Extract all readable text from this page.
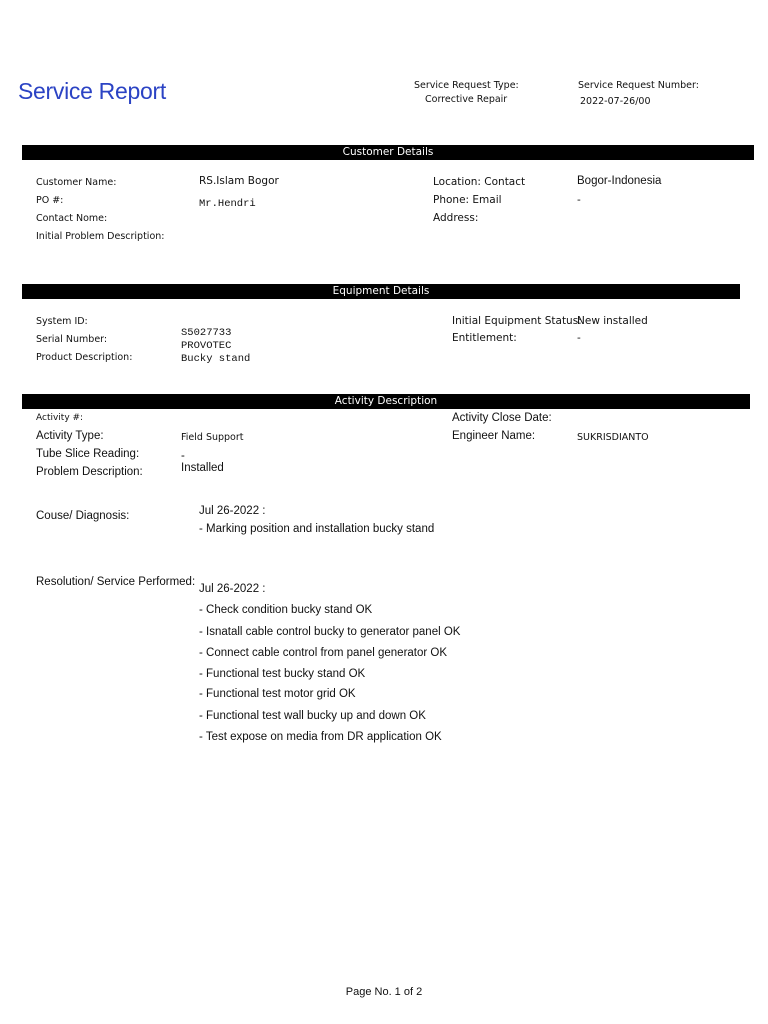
Service Report	Service Request Type:
Corrective Repair
Service Request Number:
2022-07-26/00
Customer Details
Customer Name:	RS.Islam Bogor
PO #:	Mr.Hendri
Contact Nome:
Initial Problem Description:
Location: Contact	Bogor-Indonesia
Phone: Email	-
Address:
Equipment Details
System ID:
Serial Number:
S5027733
PROVOTEC
Product Description:	Bucky stand
Initial Equipment Status:
New installed
Entitlement:	-
Activity Description
Activity #:
Activity Type:	Field Support
Tube Slice Reading:	-
Problem Description:	Installed
Activity Close Date:
Engineer Name:	SUKRISDIANTO
Couse/ Diagnosis:	Jul 26-2022 :
- Marking position and installation bucky stand
Resolution/ Service Performed:
Jul 26-2022 :
- Check condition bucky stand OK
- Isnatall cable control bucky to generator panel OK
- Connect cable control from panel generator OK
- Functional test bucky stand OK
- Functional test motor grid OK
- Functional test wall bucky up and down OK
- Test expose on media from DR application OK
Page No. 1 of 2
